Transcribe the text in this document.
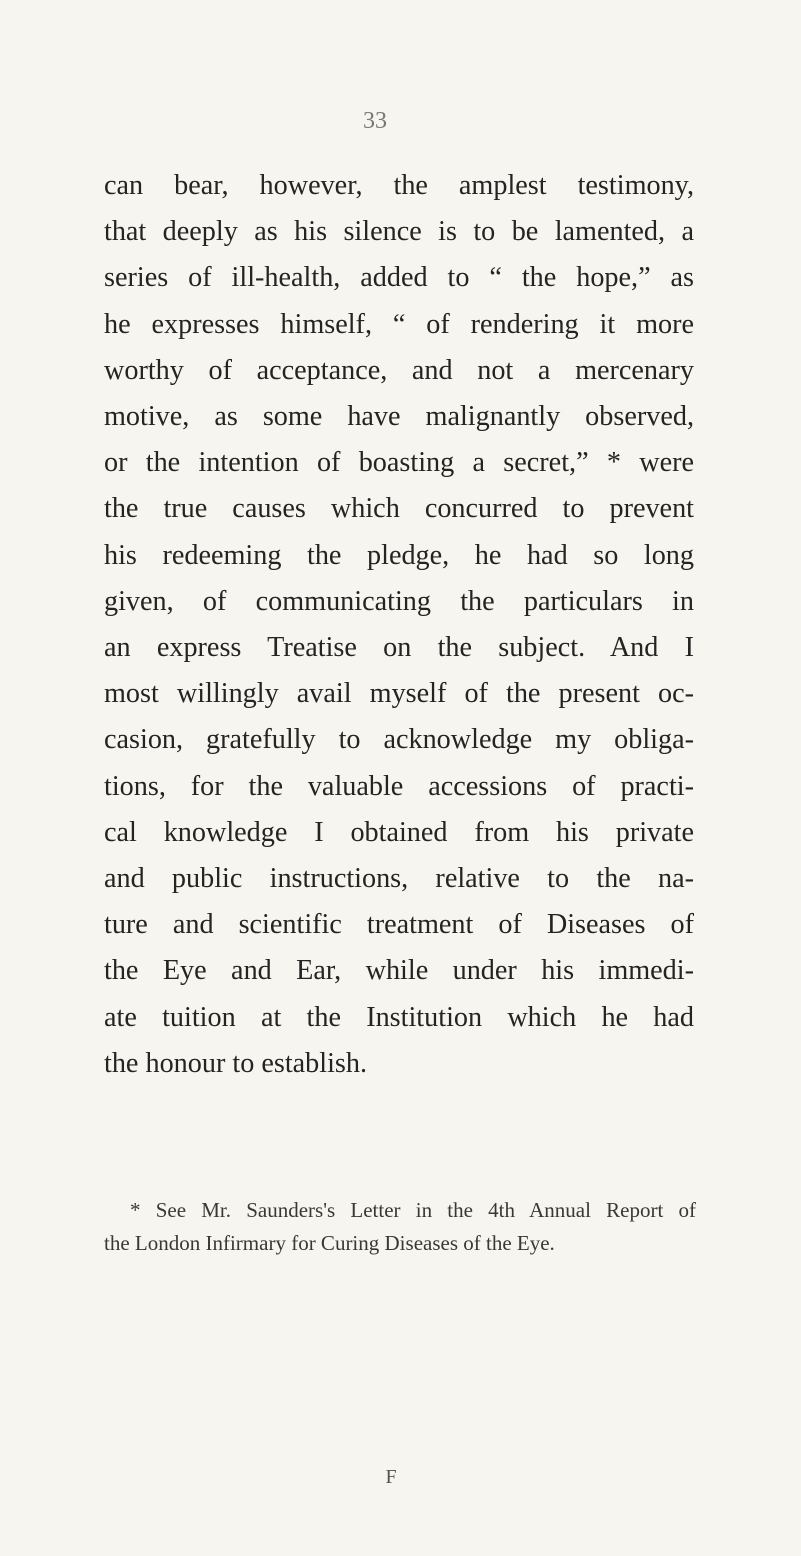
33
can bear, however, the amplest testimony,
that deeply as his silence is to be lamented, a
series of ill-health, added to “ the hope,” as
he expresses himself, “ of rendering it more
worthy of acceptance, and not a mercenary
motive, as some have malignantly observed,
or the intention of boasting a secret,” * were
the true causes which concurred to prevent
his redeeming the pledge, he had so long
given, of communicating the particulars in
an express Treatise on the subject. And I
most willingly avail myself of the present oc-
casion, gratefully to acknowledge my obliga-
tions, for the valuable accessions of practi-
cal knowledge I obtained from his private
and public instructions, relative to the na-
ture and scientific treatment of Diseases of
the Eye and Ear, while under his immedi-
ate tuition at the Institution which he had
the honour to establish.
* See Mr. Saunders's Letter in the 4th Annual Report of
the London Infirmary for Curing Diseases of the Eye.
F
